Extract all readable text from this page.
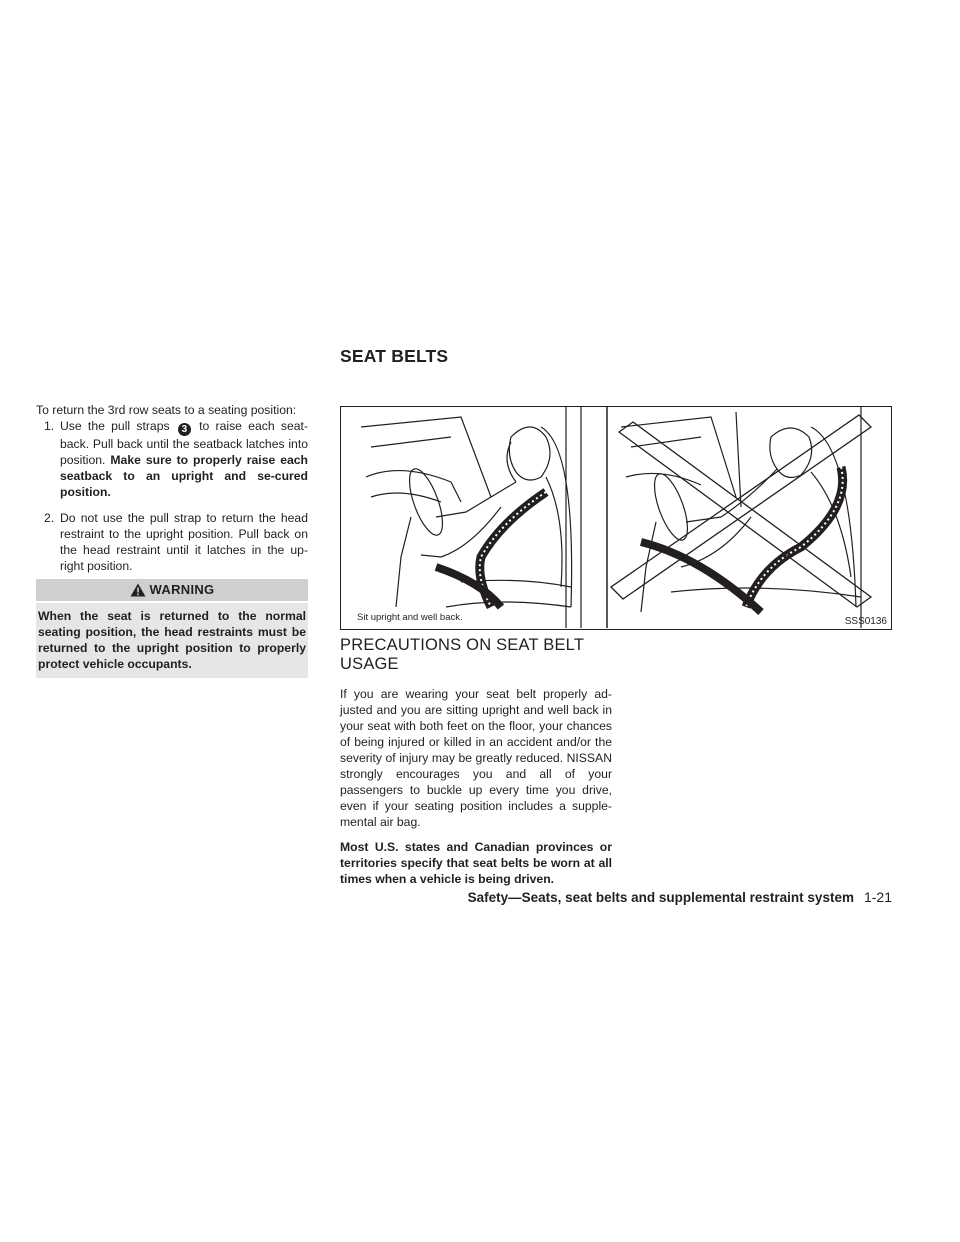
SEAT BELTS

To return the 3rd row seats to a seating position:

1. Use the pull straps 3 to raise each seat-back. Pull back until the seatback latches into position. Make sure to properly raise each seatback to an upright and se-cured position.
2. Do not use the pull strap to return the head restraint to the upright position. Pull back on the head restraint until it latches in the up-right position.
WARNING
When the seat is returned to the normal seating position, the head restraints must be returned to the upright position to properly protect vehicle occupants.
Sit upright and well back.	SSS0136
PRECAUTIONS ON SEAT BELT
USAGE

If you are wearing your seat belt properly ad-justed and you are sitting upright and well back in your seat with both feet on the floor, your chances of being injured or killed in an accident and/or the severity of injury may be greatly reduced. NISSAN strongly encourages you and all of your passengers to buckle up every time you drive, even if your seating position includes a supple-mental air bag.

Most U.S. states and Canadian provinces or territories specify that seat belts be worn at all times when a vehicle is being driven.

Safety—Seats, seat belts and supplemental restraint system 1-21
